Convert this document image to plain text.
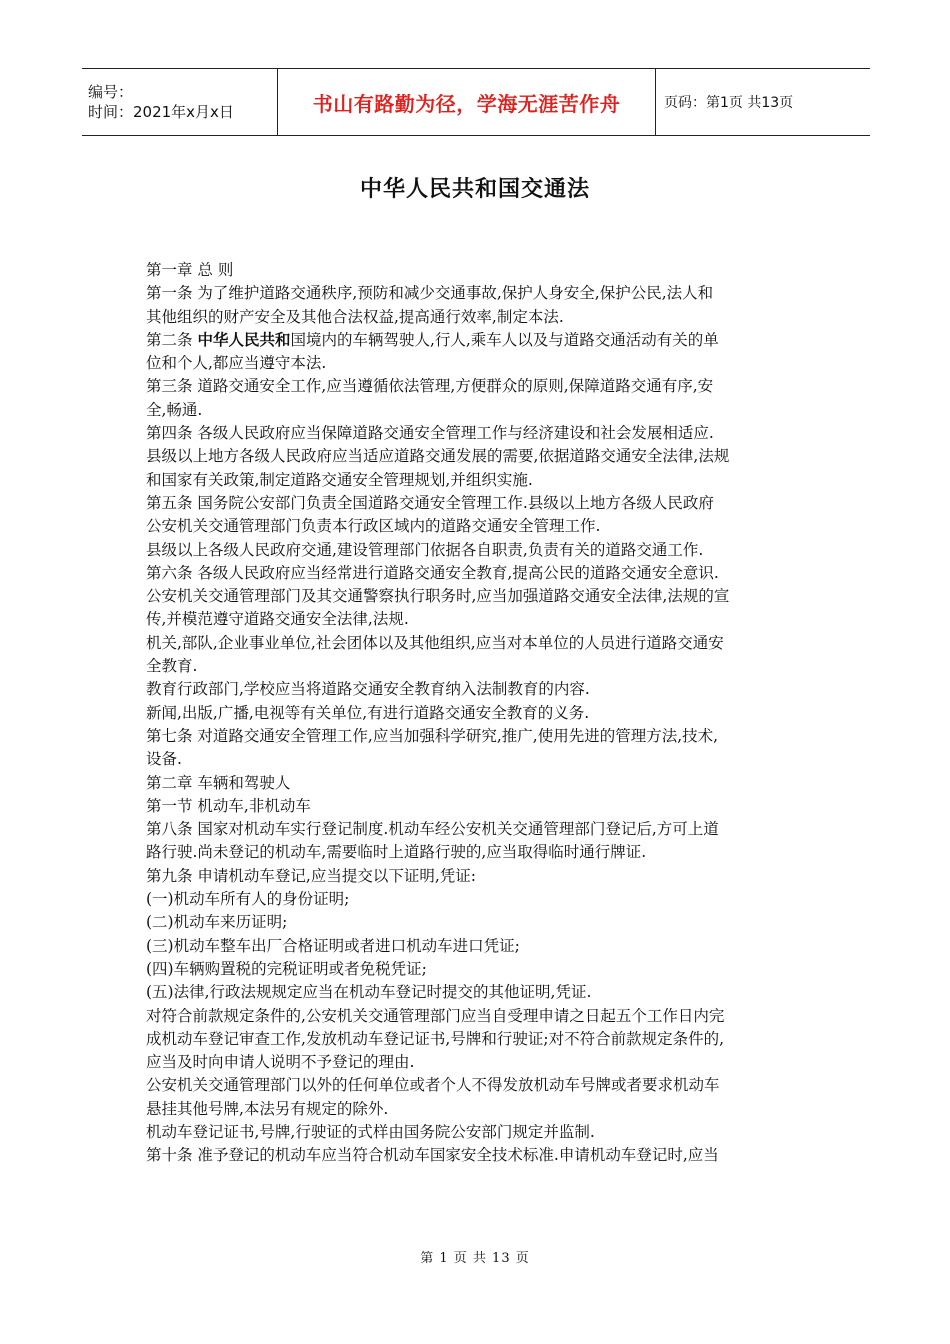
编号：
时间：2021年x月x日	书山有路勤为径，学海无涯苦作舟	页码：第1页 共13页
中华人民共和国交通法

第一章 总 则

第一条 为了维护道路交通秩序,预防和减少交通事故,保护人身安全,保护公民,法人和

其他组织的财产安全及其他合法权益,提高通行效率,制定本法.

第二条 中华人民共和国境内的车辆驾驶人,行人,乘车人以及与道路交通活动有关的单

位和个人,都应当遵守本法.

第三条 道路交通安全工作,应当遵循依法管理,方便群众的原则,保障道路交通有序,安

全,畅通.

第四条 各级人民政府应当保障道路交通安全管理工作与经济建设和社会发展相适应.

县级以上地方各级人民政府应当适应道路交通发展的需要,依据道路交通安全法律,法规

和国家有关政策,制定道路交通安全管理规划,并组织实施.

第五条 国务院公安部门负责全国道路交通安全管理工作.县级以上地方各级人民政府

公安机关交通管理部门负责本行政区域内的道路交通安全管理工作.

县级以上各级人民政府交通,建设管理部门依据各自职责,负责有关的道路交通工作.

第六条 各级人民政府应当经常进行道路交通安全教育,提高公民的道路交通安全意识.

公安机关交通管理部门及其交通警察执行职务时,应当加强道路交通安全法律,法规的宣

传,并模范遵守道路交通安全法律,法规.

机关,部队,企业事业单位,社会团体以及其他组织,应当对本单位的人员进行道路交通安

全教育.

教育行政部门,学校应当将道路交通安全教育纳入法制教育的内容.

新闻,出版,广播,电视等有关单位,有进行道路交通安全教育的义务.

第七条 对道路交通安全管理工作,应当加强科学研究,推广,使用先进的管理方法,技术,

设备.

第二章 车辆和驾驶人

第一节 机动车,非机动车

第八条 国家对机动车实行登记制度.机动车经公安机关交通管理部门登记后,方可上道

路行驶.尚未登记的机动车,需要临时上道路行驶的,应当取得临时通行牌证.

第九条 申请机动车登记,应当提交以下证明,凭证:

(一)机动车所有人的身份证明;

(二)机动车来历证明;

(三)机动车整车出厂合格证明或者进口机动车进口凭证;

(四)车辆购置税的完税证明或者免税凭证;

(五)法律,行政法规规定应当在机动车登记时提交的其他证明,凭证.

对符合前款规定条件的,公安机关交通管理部门应当自受理申请之日起五个工作日内完

成机动车登记审查工作,发放机动车登记证书,号牌和行驶证;对不符合前款规定条件的,

应当及时向申请人说明不予登记的理由.

公安机关交通管理部门以外的任何单位或者个人不得发放机动车号牌或者要求机动车

悬挂其他号牌,本法另有规定的除外.

机动车登记证书,号牌,行驶证的式样由国务院公安部门规定并监制.

第十条 准予登记的机动车应当符合机动车国家安全技术标准.申请机动车登记时,应当

第 1 页 共 13 页
